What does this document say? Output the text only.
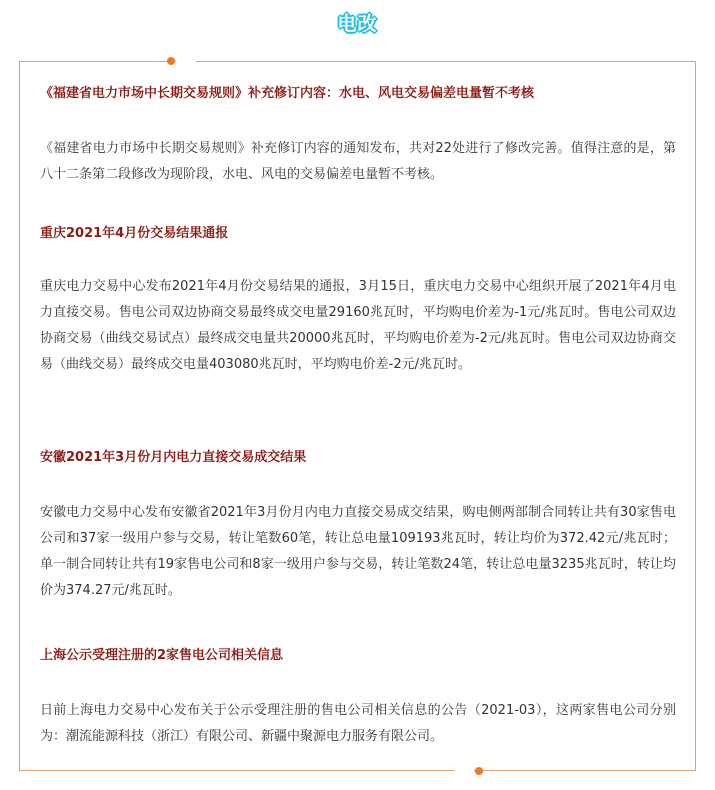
电改
《福建省电力市场中长期交易规则》补充修订内容：水电、风电交易偏差电量暂不考核

《福建省电力市场中长期交易规则》补充修订内容的通知发布，共对22处进行了修改完善。值得注意的是，第八十二条第二段修改为现阶段，水电、风电的交易偏差电量暂不考核。

重庆2021年4月份交易结果通报

重庆电力交易中心发布2021年4月份交易结果的通报，3月15日，重庆电力交易中心组织开展了2021年4月电力直接交易。售电公司双边协商交易最终成交电量29160兆瓦时，平均购电价差为-1元/兆瓦时。售电公司双边协商交易（曲线交易试点）最终成交电量共20000兆瓦时，平均购电价差为-2元/兆瓦时。售电公司双边协商交易（曲线交易）最终成交电量403080兆瓦时，平均购电价差-2元/兆瓦时。

安徽2021年3月份月内电力直接交易成交结果

安徽电力交易中心发布安徽省2021年3月份月内电力直接交易成交结果，购电侧两部制合同转让共有30家售电公司和37家一级用户参与交易，转让笔数60笔，转让总电量109193兆瓦时，转让均价为372.42元/兆瓦时；单一制合同转让共有19家售电公司和8家一级用户参与交易，转让笔数24笔，转让总电量3235兆瓦时，转让均价为374.27元/兆瓦时。

上海公示受理注册的2家售电公司相关信息

日前上海电力交易中心发布关于公示受理注册的售电公司相关信息的公告（2021-03），这两家售电公司分别为：潮流能源科技（浙江）有限公司、新疆中聚源电力服务有限公司。
